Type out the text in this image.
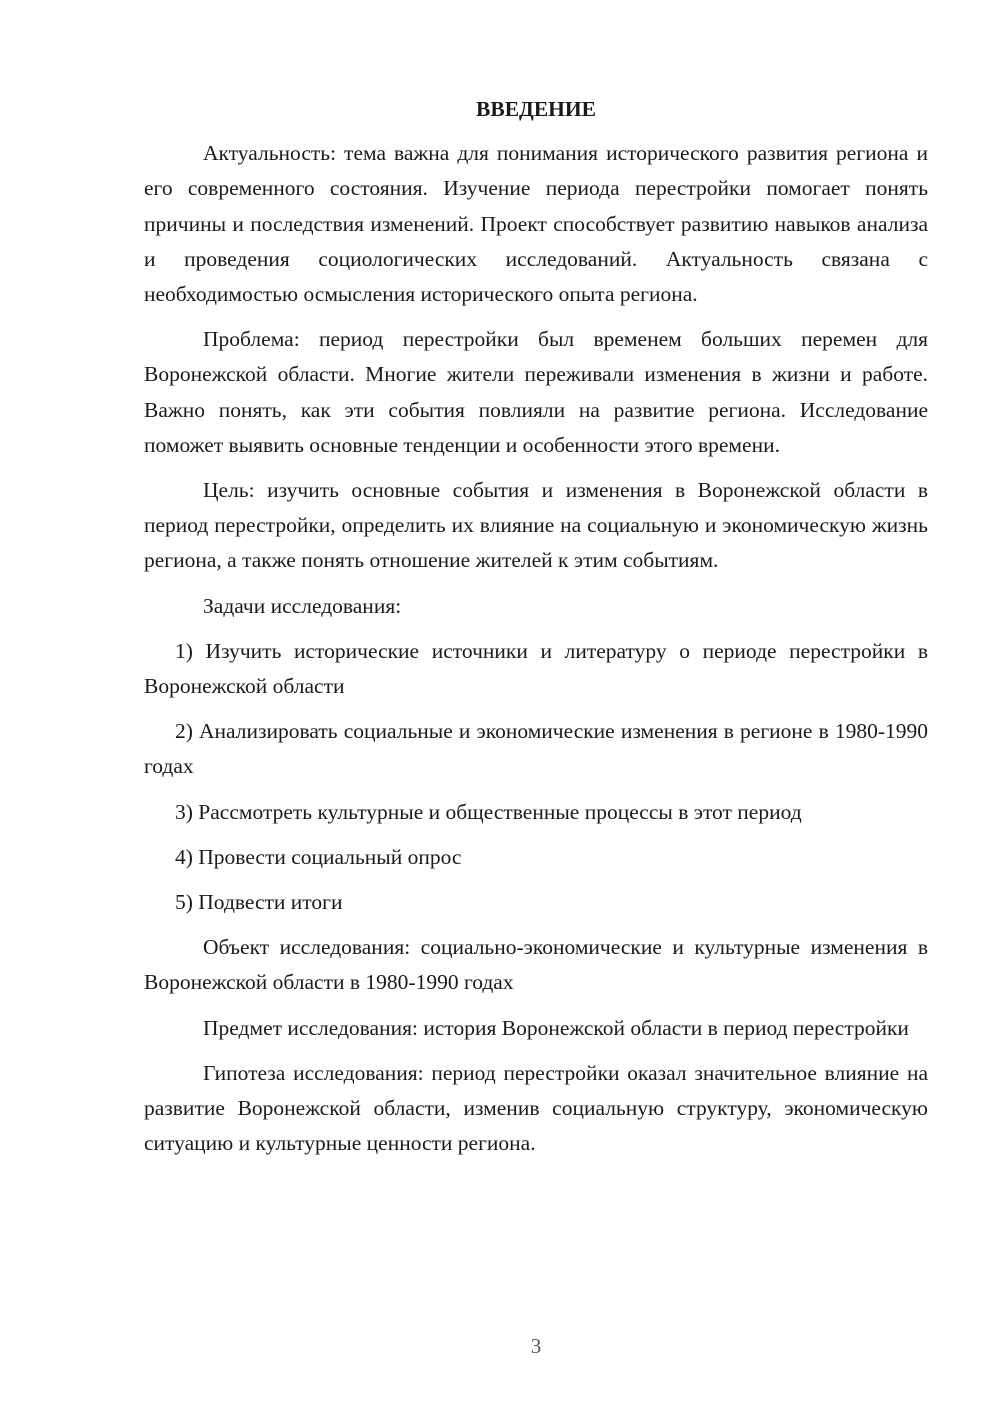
ВВЕДЕНИЕ

Актуальность: тема важна для понимания исторического развития региона и его современного состояния. Изучение периода перестройки помогает понять причины и последствия изменений. Проект способствует развитию навыков анализа и проведения социологических исследований. Актуальность связана с необходимостью осмысления исторического опыта региона.

Проблема: период перестройки был временем больших перемен для Воронежской области. Многие жители переживали изменения в жизни и работе. Важно понять, как эти события повлияли на развитие региона. Исследование поможет выявить основные тенденции и особенности этого времени.

Цель: изучить основные события и изменения в Воронежской области в период перестройки, определить их влияние на социальную и экономическую жизнь региона, а также понять отношение жителей к этим событиям.

Задачи исследования:

1) Изучить исторические источники и литературу о периоде перестройки в Воронежской области

2) Анализировать социальные и экономические изменения в регионе в 1980-1990 годах

3) Рассмотреть культурные и общественные процессы в этот период

4) Провести социальный опрос

5) Подвести итоги

Объект исследования: социально-экономические и культурные изменения в Воронежской области в 1980-1990 годах

Предмет исследования: история Воронежской области в период перестройки

Гипотеза исследования: период перестройки оказал значительное влияние на развитие Воронежской области, изменив социальную структуру, экономическую ситуацию и культурные ценности региона.

3
